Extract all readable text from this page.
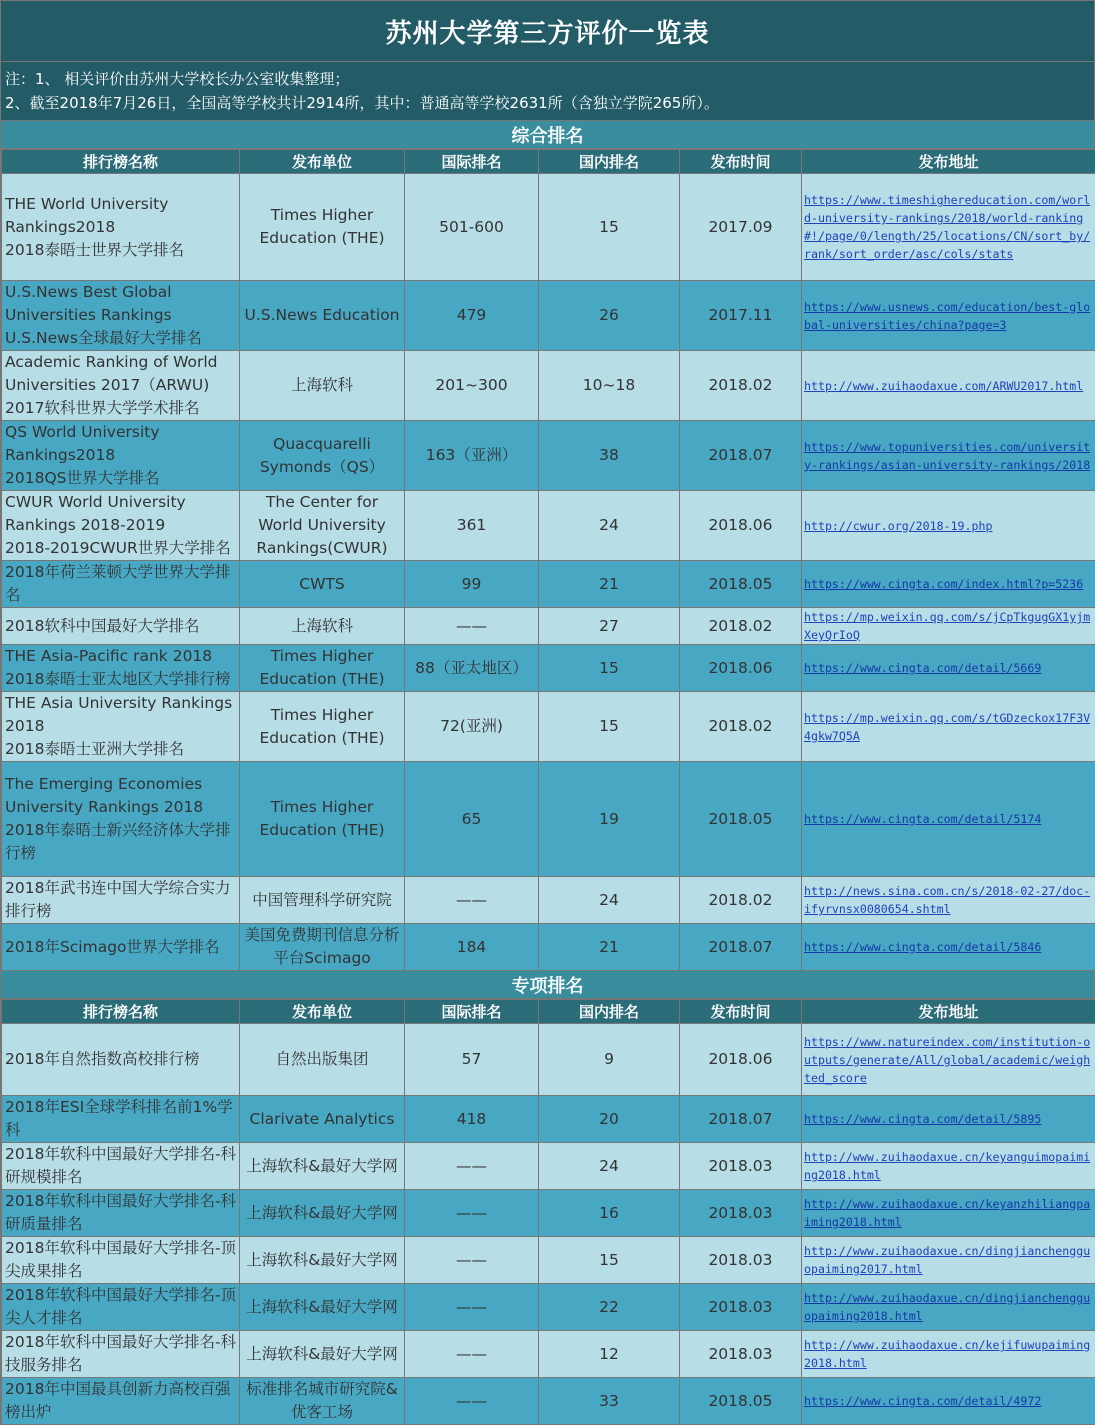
苏州大学第三方评价一览表
注：1、 相关评价由苏州大学校长办公室收集整理；
2、截至2018年7月26日，全国高等学校共计2914所，其中：普通高等学校2631所（含独立学院265所）。
综合排名
排行榜名称	发布单位	国际排名	国内排名	发布时间	发布地址

THE World University
Rankings2018
2018泰晤士世界大学排名	Times Higher
Education (THE)	501-600	15	2017.09	https://www.timeshighereducation.com/world-university-rankings/2018/world-ranking#!/page/0/length/25/locations/CN/sort_by/rank/sort_order/asc/cols/stats

U.S.News Best Global
Universities Rankings
U.S.News全球最好大学排名	U.S.News Education	479	26	2017.11	https://www.usnews.com/education/best-global-universities/china?page=3

Academic Ranking of World
Universities 2017（ARWU)
2017软科世界大学学术排名	上海软科	201~300	10~18	2018.02	http://www.zuihaodaxue.com/ARWU2017.html

QS World University
Rankings2018
2018QS世界大学排名	Quacquarelli
Symonds（QS）	163（亚洲）	38	2018.07	https://www.topuniversities.com/university-rankings/asian-university-rankings/2018

CWUR World University
Rankings 2018-2019
2018-2019CWUR世界大学排名	The Center for
World University
Rankings(CWUR)	361	24	2018.06	http://cwur.org/2018-19.php

2018年荷兰莱顿大学世界大学排名	CWTS	99	21	2018.05	https://www.cingta.com/index.html?p=5236

2018软科中国最好大学排名	上海软科	——	27	2018.02	https://mp.weixin.qq.com/s/jCpTkgugGX1yjmXeyQrIoQ

THE Asia-Pacific rank 2018
2018泰晤士亚太地区大学排行榜	Times Higher
Education (THE)	88（亚太地区）	15	2018.06	https://www.cingta.com/detail/5669

THE Asia University Rankings
2018
2018泰晤士亚洲大学排名	Times Higher
Education (THE)	72(亚洲)	15	2018.02	https://mp.weixin.qq.com/s/tGDzeckox17F3V4gkw7Q5A

The Emerging Economies
University Rankings 2018
2018年泰晤士新兴经济体大学排行榜	Times Higher
Education (THE)	65	19	2018.05	https://www.cingta.com/detail/5174

2018年武书连中国大学综合实力排行榜	中国管理科学研究院	——	24	2018.02	http://news.sina.com.cn/s/2018-02-27/doc-ifyrvnsx0080654.shtml

2018年Scimago世界大学排名	美国免费期刊信息分析平台Scimago	184	21	2018.07	https://www.cingta.com/detail/5846
专项排名
排行榜名称	发布单位	国际排名	国内排名	发布时间	发布地址

2018年自然指数高校排行榜	自然出版集团	57	9	2018.06	https://www.natureindex.com/institution-outputs/generate/All/global/academic/weighted_score

2018年ESI全球学科排名前1%学科	Clarivate Analytics	418	20	2018.07	https://www.cingta.com/detail/5895

2018年软科中国最好大学排名-科研规模排名	上海软科&最好大学网	——	24	2018.03	http://www.zuihaodaxue.cn/keyanguimopaiming2018.html

2018年软科中国最好大学排名-科研质量排名	上海软科&最好大学网	——	16	2018.03	http://www.zuihaodaxue.cn/keyanzhiliangpaiming2018.html

2018年软科中国最好大学排名-顶尖成果排名	上海软科&最好大学网	——	15	2018.03	http://www.zuihaodaxue.cn/dingjianchengguopaiming2017.html

2018年软科中国最好大学排名-顶尖人才排名	上海软科&最好大学网	——	22	2018.03	http://www.zuihaodaxue.cn/dingjianchengguopaiming2018.html

2018年软科中国最好大学排名-科技服务排名	上海软科&最好大学网	——	12	2018.03	http://www.zuihaodaxue.cn/kejifuwupaiming2018.html

2018年中国最具创新力高校百强榜出炉	标准排名城市研究院&优客工场	——	33	2018.05	https://www.cingta.com/detail/4972
